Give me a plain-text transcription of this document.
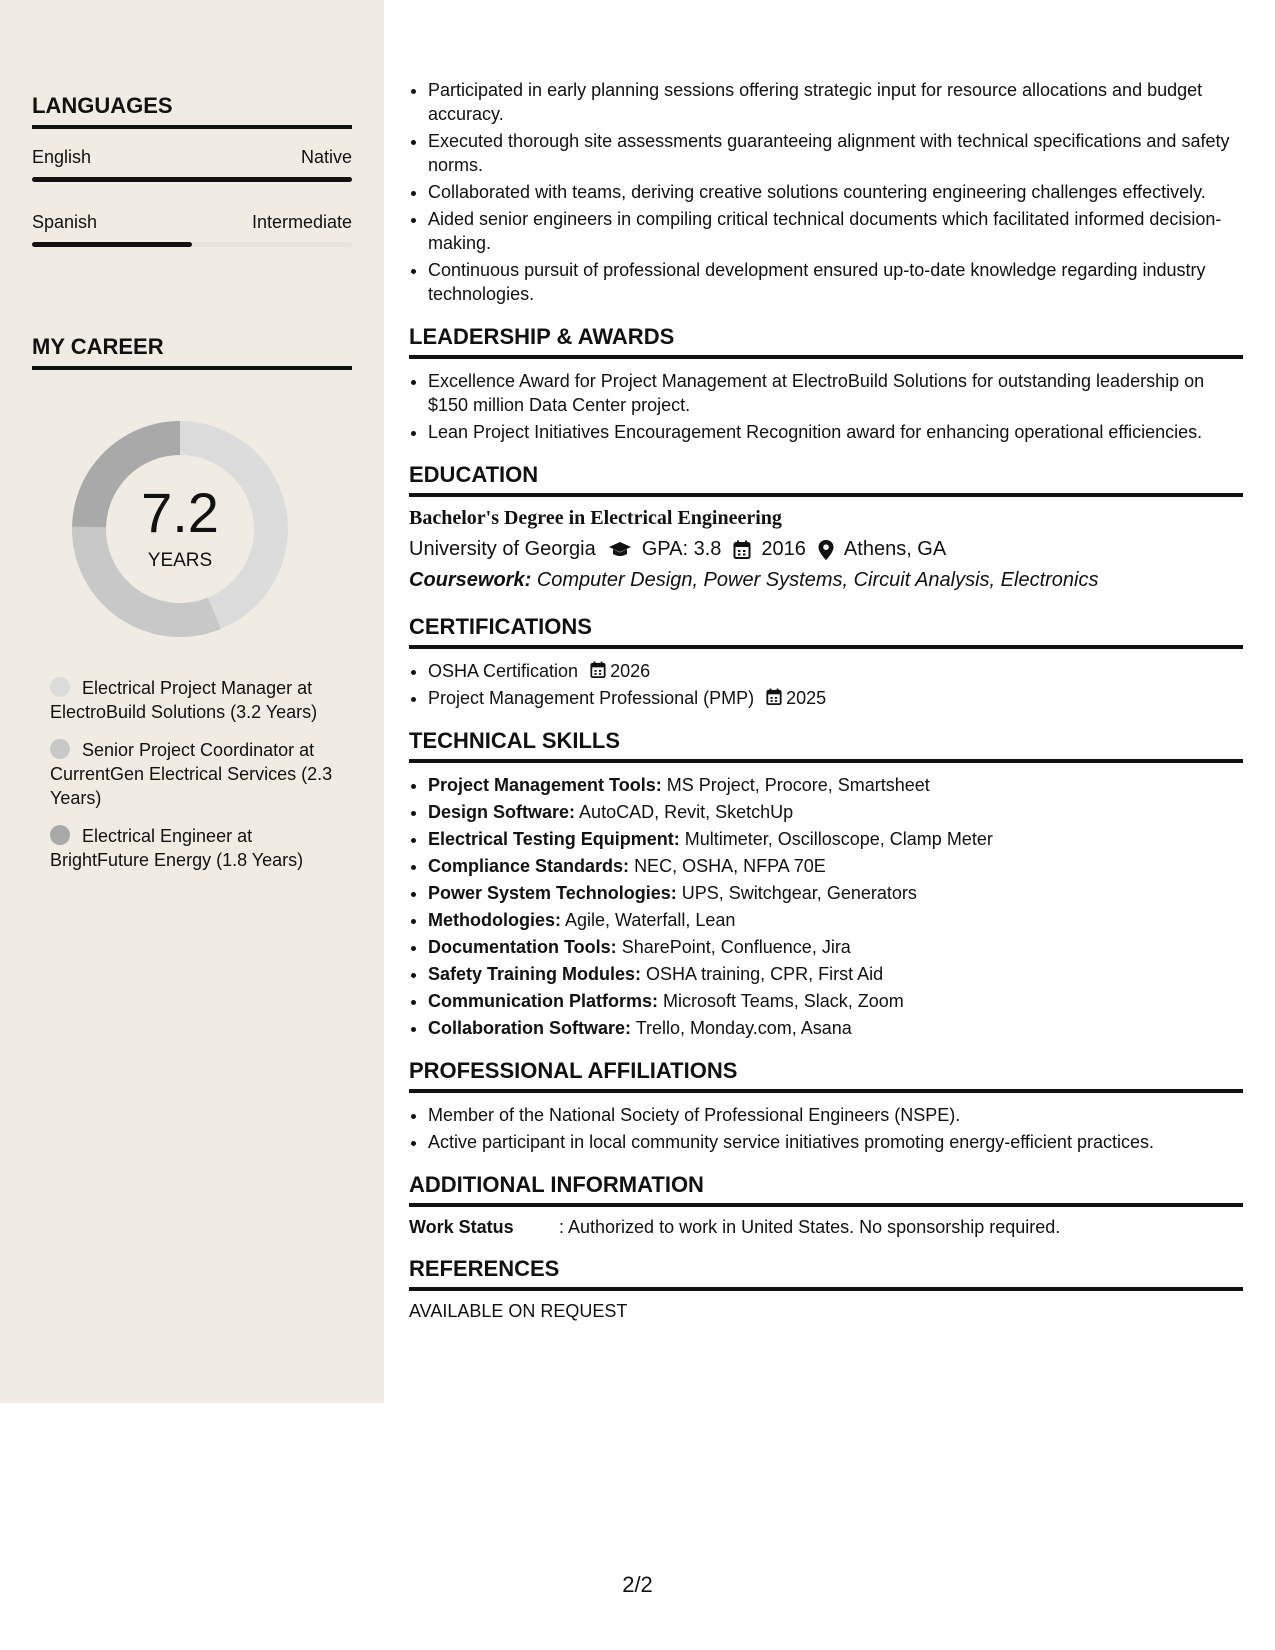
LANGUAGES
English	Native
Spanish	Intermediate
MY CAREER
7.2
YEARS
Electrical Project Manager at ElectroBuild Solutions (3.2 Years)
Senior Project Coordinator at CurrentGen Electrical Services (2.3 Years)
Electrical Engineer at BrightFuture Energy (1.8 Years)
• Participated in early planning sessions offering strategic input for resource allocations and budget accuracy.
• Executed thorough site assessments guaranteeing alignment with technical specifications and safety norms.
• Collaborated with teams, deriving creative solutions countering engineering challenges effectively.
• Aided senior engineers in compiling critical technical documents which facilitated informed decision-making.
• Continuous pursuit of professional development ensured up-to-date knowledge regarding industry technologies.
LEADERSHIP & AWARDS
• Excellence Award for Project Management at ElectroBuild Solutions for outstanding leadership on $150 million Data Center project.
• Lean Project Initiatives Encouragement Recognition award for enhancing operational efficiencies.
EDUCATION
Bachelor's Degree in Electrical Engineering
University of Georgia GPA: 3.8 2016 Athens, GA
Coursework: Computer Design, Power Systems, Circuit Analysis, Electronics
CERTIFICATIONS
• OSHA Certification 2026
• Project Management Professional (PMP) 2025
TECHNICAL SKILLS
• Project Management Tools: MS Project, Procore, Smartsheet
• Design Software: AutoCAD, Revit, SketchUp
• Electrical Testing Equipment: Multimeter, Oscilloscope, Clamp Meter
• Compliance Standards: NEC, OSHA, NFPA 70E
• Power System Technologies: UPS, Switchgear, Generators
• Methodologies: Agile, Waterfall, Lean
• Documentation Tools: SharePoint, Confluence, Jira
• Safety Training Modules: OSHA training, CPR, First Aid
• Communication Platforms: Microsoft Teams, Slack, Zoom
• Collaboration Software: Trello, Monday.com, Asana
PROFESSIONAL AFFILIATIONS
• Member of the National Society of Professional Engineers (NSPE).
• Active participant in local community service initiatives promoting energy-efficient practices.
ADDITIONAL INFORMATION
Work Status	: Authorized to work in United States. No sponsorship required.
REFERENCES
AVAILABLE ON REQUEST
2/2
